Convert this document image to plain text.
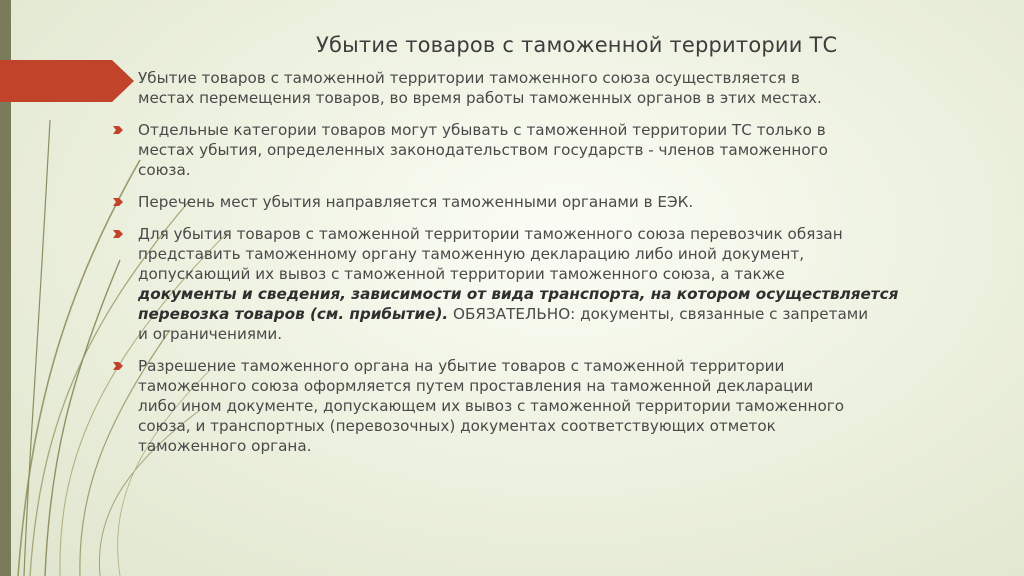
Убытие товаров с таможенной территории ТС
Убытие товаров с таможенной территории таможенного союза осуществляется в
местах перемещения товаров, во время работы таможенных органов в этих местах.
Отдельные категории товаров могут убывать с таможенной территории ТС только в
местах убытия, определенных законодательством государств - членов таможенного
союза.
Перечень мест убытия направляется таможенными органами в ЕЭК.
Для убытия товаров с таможенной территории таможенного союза перевозчик обязан
представить таможенному органу таможенную декларацию либо иной документ,
допускающий их вывоз с таможенной территории таможенного союза, а также
документы и сведения, зависимости от вида транспорта, на котором осуществляется
перевозка товаров (см. прибытие). ОБЯЗАТЕЛЬНО: документы, связанные с запретами
и ограничениями.
Разрешение таможенного органа на убытие товаров с таможенной территории
таможенного союза оформляется путем проставления на таможенной декларации
либо ином документе, допускающем их вывоз с таможенной территории таможенного
союза, и транспортных (перевозочных) документах соответствующих отметок
таможенного органа.
